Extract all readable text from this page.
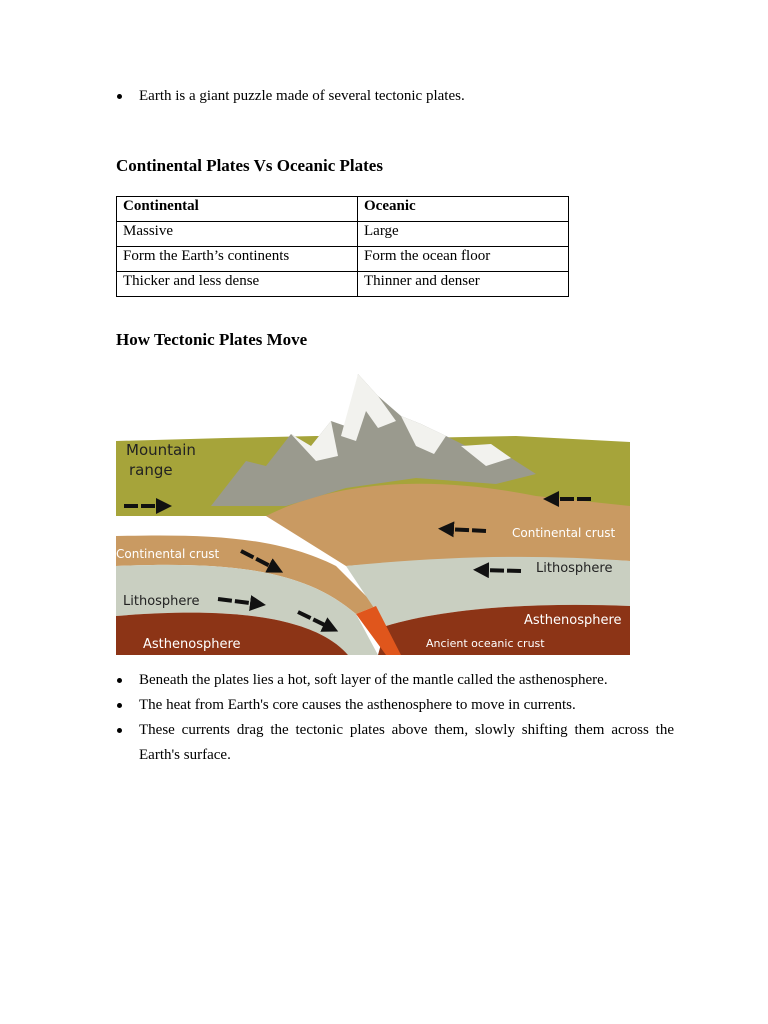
Earth is a giant puzzle made of several tectonic plates.
Continental Plates Vs Oceanic Plates
Continental	Oceanic
Massive	Large
Form the Earth’s continents	Form the ocean floor
Thicker and less dense	Thinner and denser
How Tectonic Plates Move
Mountain
range
Continental crust
Continental crust
Lithosphere
Lithosphere
Asthenosphere
Asthenosphere	Ancient oceanic crust
Beneath the plates lies a hot, soft layer of the mantle called the asthenosphere.
The heat from Earth's core causes the asthenosphere to move in currents.
These currents drag the tectonic plates above them, slowly shifting them across the Earth's surface.
